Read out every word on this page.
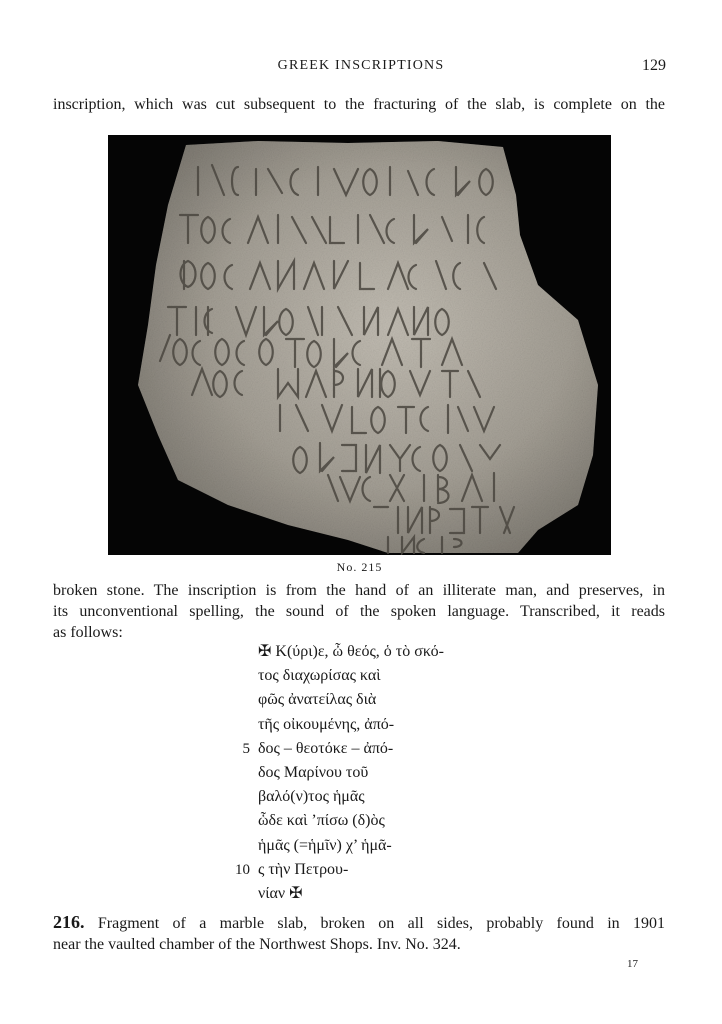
GREEK INSCRIPTIONS	129
inscription, which was cut subsequent to the fracturing of the slab, is complete on the
No. 215
broken stone. The inscription is from the hand of an illiterate man, and preserves, in
its unconventional spelling, the sound of the spoken language. Transcribed, it reads
as follows:
✠ Κ(ύρι)ε, ὦ θεός, ὁ τὸ σκό-
τος διαχωρίσας καὶ
φῶς ἀνατείλας διὰ
τῆς οἰκουμένης, ἀπό-
5 δος – θεοτόκε – ἀπό-
δος Μαρίνου τοῦ
βαλό(ν)τος ἡμᾶς
ὧδε καὶ ’πίσω (δ)ὸς
ἡμᾶς (=ἡμῖν) χ’ ἡμᾶ-
10 ς τὴν Πετρου-
νίαν ✠
216. Fragment of a marble slab, broken on all sides, probably found in 1901
near the vaulted chamber of the Northwest Shops. Inv. No. 324.
17
